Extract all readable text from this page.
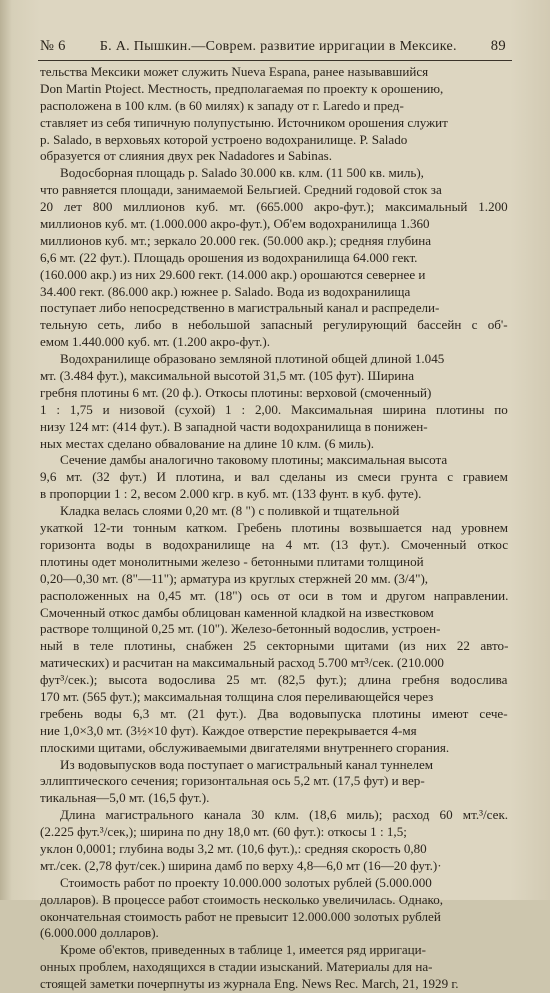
№ 6 Б. А. Пышкин.—Соврем. развитие ирригации в Мексике. 89
тельства Мексики может служить Nueva Espana, ранее называвшийся
Don Martin Ptoject. Местность, предполагаемая по проекту к орошению,
расположена в 100 клм. (в 60 милях) к западу от г. Laredo и пред-
ставляет из себя типичную полупустыню. Источником орошения служит
р. Salado, в верховьях которой устроено водохранилище. Р. Salado
образуется от слияния двух рек Nadadores и Sabinas.
Водосборная площадь р. Salado 30.000 кв. клм. (11 500 кв. миль),
что равняется площади, занимаемой Бельгией. Средний годовой сток за
20 лет 800 миллионов куб. мт. (665.000 акро-фут.); максимальный 1.200
миллионов куб. мт. (1.000.000 акро-фут.), Об'ем водохранилища 1.360
миллионов куб. мт.; зеркало 20.000 гек. (50.000 акр.); средняя глубина
6,6 мт. (22 фут.). Площадь орошения из водохранилища 64.000 гект.
(160.000 акр.) из них 29.600 гект. (14.000 акр.) орошаются севернее и
34.400 гект. (86.000 акр.) южнее р. Salado. Вода из водохранилища
поступает либо непосредственно в магистральный канал и распредели-
тельную сеть, либо в небольшой запасный регулирующий бассейн с об'-
емом 1.440.000 куб. мт. (1.200 акро-фут.).
Водохранилище образовано земляной плотиной общей длиной 1.045
мт. (3.484 фут.), максимальной высотой 31,5 мт. (105 фут). Ширина
гребня плотины 6 мт. (20 ф.). Откосы плотины: верховой (смоченный)
1 : 1,75 и низовой (сухой) 1 : 2,00. Максимальная ширина плотины по
низу 124 мт: (414 фут.). В западной части водохранилища в понижен-
ных местах сделано обвалование на длине 10 клм. (6 миль).
Сечение дамбы аналогично таковому плотины; максимальная высота
9,6 мт. (32 фут.) И плотина, и вал сделаны из смеси грунта с гравием
в пропорции 1 : 2, весом 2.000 кгр. в куб. мт. (133 фунт. в куб. футе).
Кладка велась слоями 0,20 мт. (8 ") с поливкой и тщательной
укаткой 12-ти тонным катком. Гребень плотины возвышается над уровнем
горизонта воды в водохранилище на 4 мт. (13 фут.). Смоченный откос
плотины одет монолитными железо - бетонными плитами толщиной
0,20—0,30 мт. (8"—11"); арматура из круглых стержней 20 мм. (3/4"),
расположенных на 0,45 мт. (18") ось от оси в том и другом направлении.
Смоченный откос дамбы облицован каменной кладкой на известковом
растворе толщиной 0,25 мт. (10"). Железо-бетонный водослив, устроен-
ный в теле плотины, снабжен 25 секторными щитами (из них 22 авто-
матических) и расчитан на максимальный расход 5.700 мт³/сек. (210.000
фут³/сек.); высота водослива 25 мт. (82,5 фут.); длина гребня водослива
170 мт. (565 фут.); максимальная толщина слоя переливающейся через
гребень воды 6,3 мт. (21 фут.). Два водовыпуска плотины имеют сече-
ние 1,0×3,0 мт. (3½×10 фут). Каждое отверстие перекрывается 4-мя
плоскими щитами, обслуживаемыми двигателями внутреннего сгорания.
Из водовыпусков вода поступает о магистральный канал туннелем
эллиптического сечения; горизонтальная ось 5,2 мт. (17,5 фут) и вер-
тикальная—5,0 мт. (16,5 фут.).
Длина магистрального канала 30 клм. (18,6 миль); расход 60 мт.³/сек.
(2.225 фут.³/сек,); ширина по дну 18,0 мт. (60 фут.): откосы 1 : 1,5;
уклон 0,0001; глубина воды 3,2 мт. (10,6 фут.),: средняя скорость 0,80
мт./сек. (2,78 фут/сек.) ширина дамб по верху 4,8—6,0 мт (16—20 фут.)·
Стоимость работ по проекту 10.000.000 золотых рублей (5.000.000
долларов). В процессе работ стоимость несколько увеличилась. Однако,
окончательная стоимость работ не превысит 12.000.000 золотых рублей
(6.000.000 долларов).
Кроме об'ектов, приведенных в таблице 1, имеется ряд ирригаци-
онных проблем, находящихся в стадии изысканий. Материалы для на-
стоящей заметки почерпнуты из журнала Eng. News Rec. March, 21, 1929 г.
